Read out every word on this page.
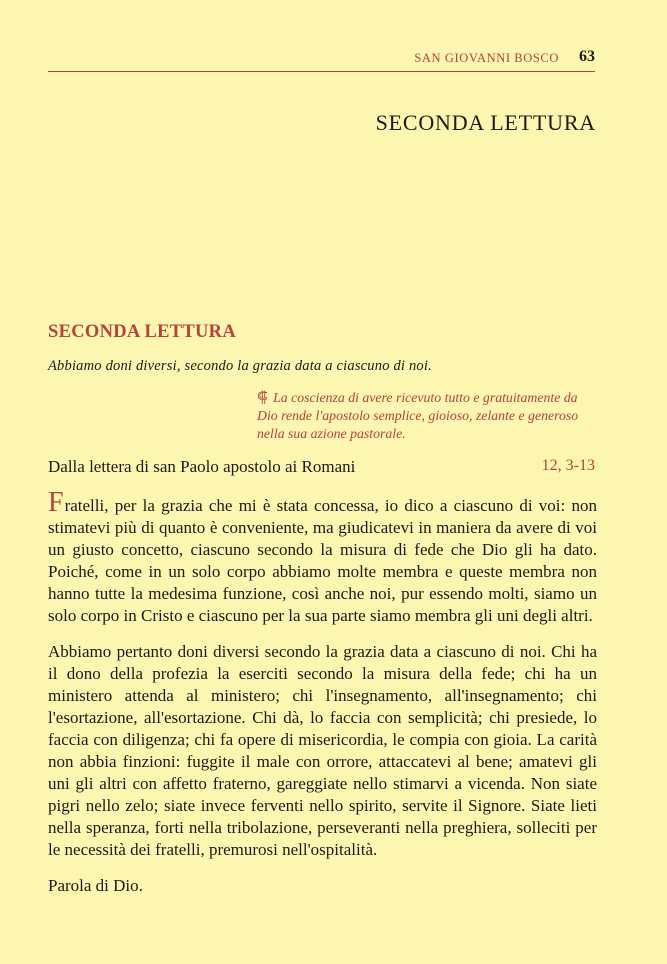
SAN GIOVANNI BOSCO 63
SECONDA LETTURA
SECONDA LETTURA
Abbiamo doni diversi, secondo la grazia data a ciascuno di noi.
⸿ La coscienza di avere ricevuto tutto e gratuitamente da Dio rende l'apostolo semplice, gioioso, zelante e generoso nella sua azione pastorale.
Dalla lettera di san Paolo apostolo ai Romani	12, 3-13

Fratelli, per la grazia che mi è stata concessa, io dico a ciascuno di voi: non stimatevi più di quanto è conveniente, ma giudicatevi in maniera da avere di voi un giusto concetto, ciascuno secondo la misura di fede che Dio gli ha dato. Poiché, come in un solo corpo abbiamo molte membra e queste membra non hanno tutte la medesima funzione, così anche noi, pur essendo molti, siamo un solo corpo in Cristo e ciascuno per la sua parte siamo membra gli uni degli altri.

Abbiamo pertanto doni diversi secondo la grazia data a ciascuno di noi. Chi ha il dono della profezia la eserciti secondo la misura della fede; chi ha un ministero attenda al ministero; chi l'insegnamento, all'insegnamento; chi l'esortazione, all'esortazione. Chi dà, lo faccia con semplicità; chi presiede, lo faccia con diligenza; chi fa opere di misericordia, le compia con gioia. La carità non abbia finzioni: fuggite il male con orrore, attaccatevi al bene; amatevi gli uni gli altri con affetto fraterno, gareggiate nello stimarvi a vicenda. Non siate pigri nello zelo; siate invece ferventi nello spirito, servite il Signore. Siate lieti nella speranza, forti nella tribolazione, perseveranti nella preghiera, solleciti per le necessità dei fratelli, premurosi nell'ospitalità.

Parola di Dio.
